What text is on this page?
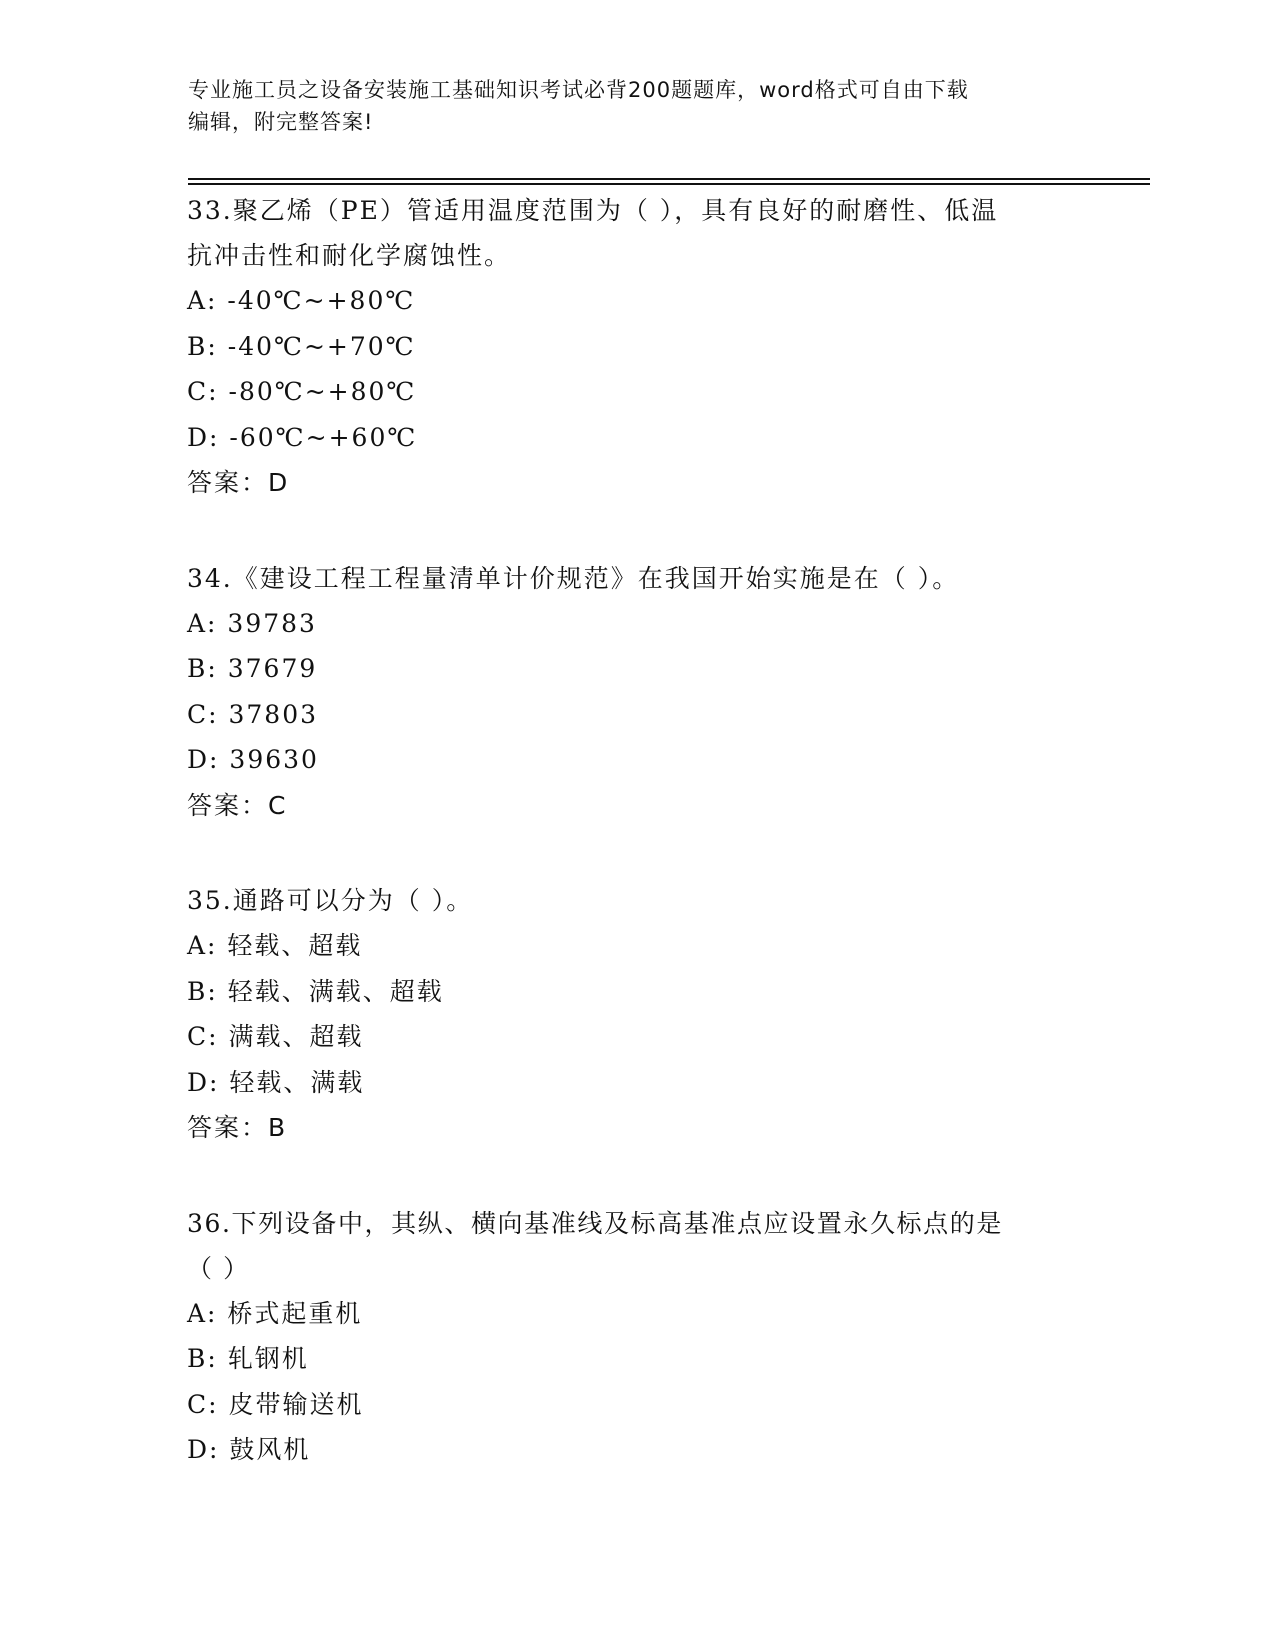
专业施工员之设备安装施工基础知识考试必背200题题库，word格式可自由下载
编辑，附完整答案!

33.聚乙烯（PE）管适用温度范围为（ ），具有良好的耐磨性、低温

抗冲击性和耐化学腐蚀性。

A: -40℃~+80℃

B: -40℃~+70℃

C: -80℃~+80℃

D: -60℃~+60℃

答案：D

34.《建设工程工程量清单计价规范》在我国开始实施是在（ ）。

A: 39783

B: 37679

C: 37803

D: 39630

答案：C

35.通路可以分为（ ）。

A: 轻载、超载

B: 轻载、满载、超载

C: 满载、超载

D: 轻载、满载

答案：B

36.下列设备中，其纵、横向基准线及标高基准点应设置永久标点的是

（ ）

A: 桥式起重机

B: 轧钢机

C: 皮带输送机

D: 鼓风机
